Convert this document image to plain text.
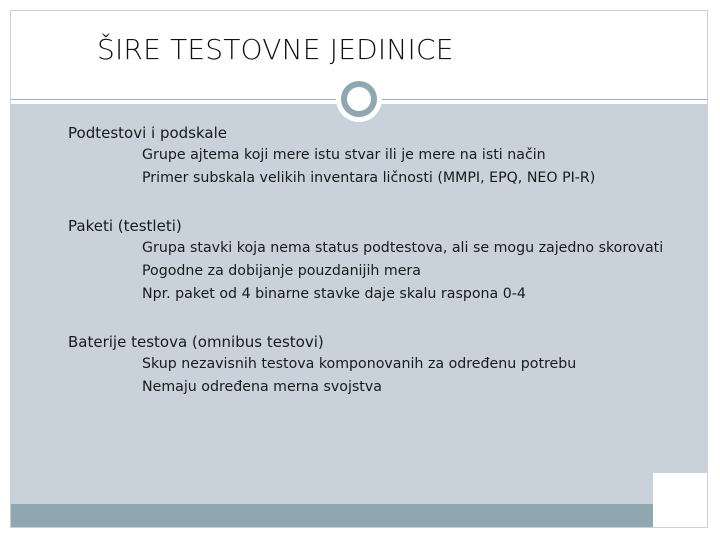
ŠIRE TESTOVNE JEDINICE

Podtestovi i podskale

Grupe ajtema koji mere istu stvar ili je mere na isti način

Primer subskala velikih inventara ličnosti (MMPI, EPQ, NEO PI-R)

Paketi (testleti)

Grupa stavki koja nema status podtestova, ali se mogu zajedno skorovati

Pogodne za dobijanje pouzdanijih mera

Npr. paket od 4 binarne stavke daje skalu raspona 0-4

Baterije testova (omnibus testovi)

Skup nezavisnih testova komponovanih za određenu potrebu

Nemaju određena merna svojstva
